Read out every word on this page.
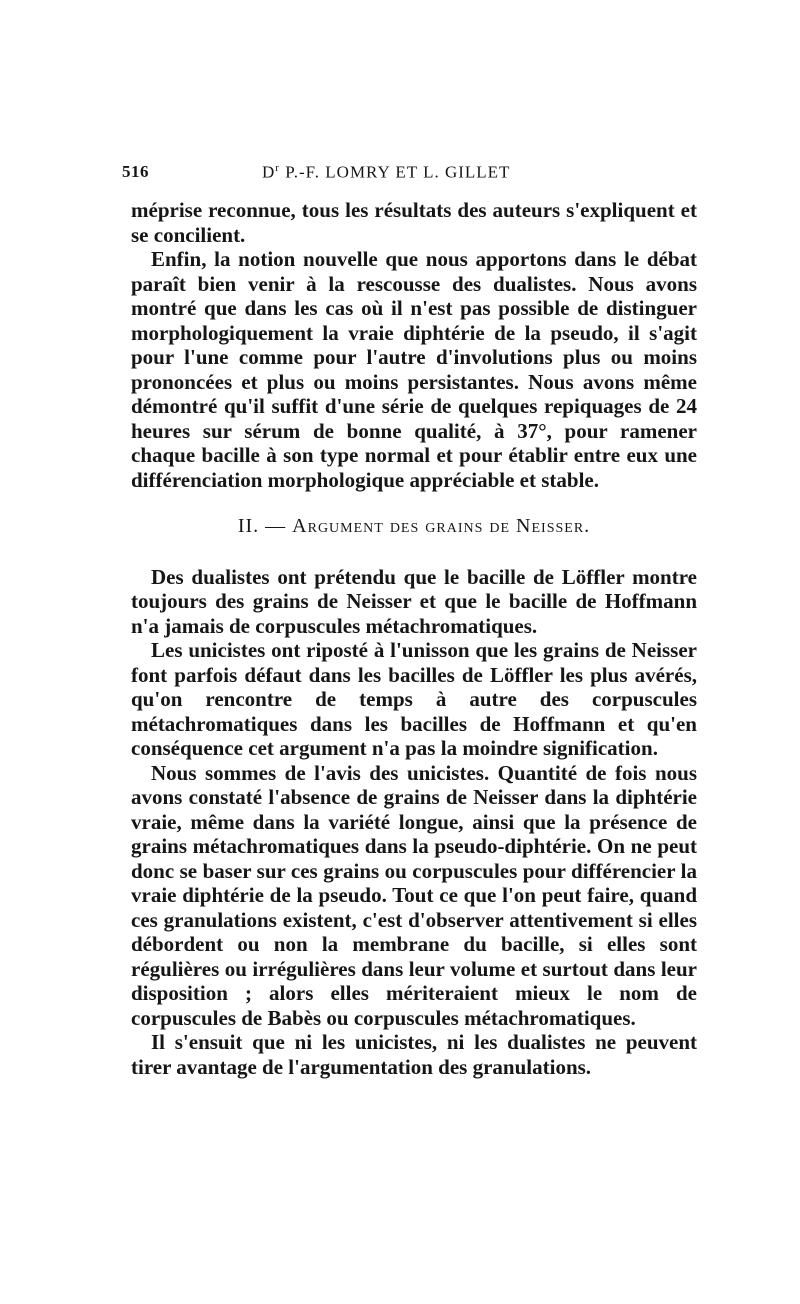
516	$D^r$ P.-F. LOMRY ET L. GILLET

méprise reconnue, tous les résultats des auteurs s'expliquent et se concilient.

Enfin, la notion nouvelle que nous apportons dans le débat paraît bien venir à la rescousse des dualistes. Nous avons montré que dans les cas où il n'est pas possible de distinguer morphologiquement la vraie diphtérie de la pseudo, il s'agit pour l'une comme pour l'autre d'involutions plus ou moins prononcées et plus ou moins persistantes. Nous avons même démontré qu'il suffit d'une série de quelques repiquages de 24 heures sur sérum de bonne qualité, à 37°, pour ramener chaque bacille à son type normal et pour établir entre eux une différenciation morphologique appréciable et stable.

II. — Argument des grains de Neisser.

Des dualistes ont prétendu que le bacille de Löffler montre toujours des grains de Neisser et que le bacille de Hoffmann n'a jamais de corpuscules métachromatiques.

Les unicistes ont riposté à l'unisson que les grains de Neisser font parfois défaut dans les bacilles de Löffler les plus avérés, qu'on rencontre de temps à autre des corpuscules métachromatiques dans les bacilles de Hoffmann et qu'en conséquence cet argument n'a pas la moindre signification.

Nous sommes de l'avis des unicistes. Quantité de fois nous avons constaté l'absence de grains de Neisser dans la diphtérie vraie, même dans la variété longue, ainsi que la présence de grains métachromatiques dans la pseudo-diphtérie. On ne peut donc se baser sur ces grains ou corpuscules pour différencier la vraie diphtérie de la pseudo. Tout ce que l'on peut faire, quand ces granulations existent, c'est d'observer attentivement si elles débordent ou non la membrane du bacille, si elles sont régulières ou irrégulières dans leur volume et surtout dans leur disposition ; alors elles mériteraient mieux le nom de corpuscules de Babès ou corpuscules métachromatiques.

Il s'ensuit que ni les unicistes, ni les dualistes ne peuvent tirer avantage de l'argumentation des granulations.
